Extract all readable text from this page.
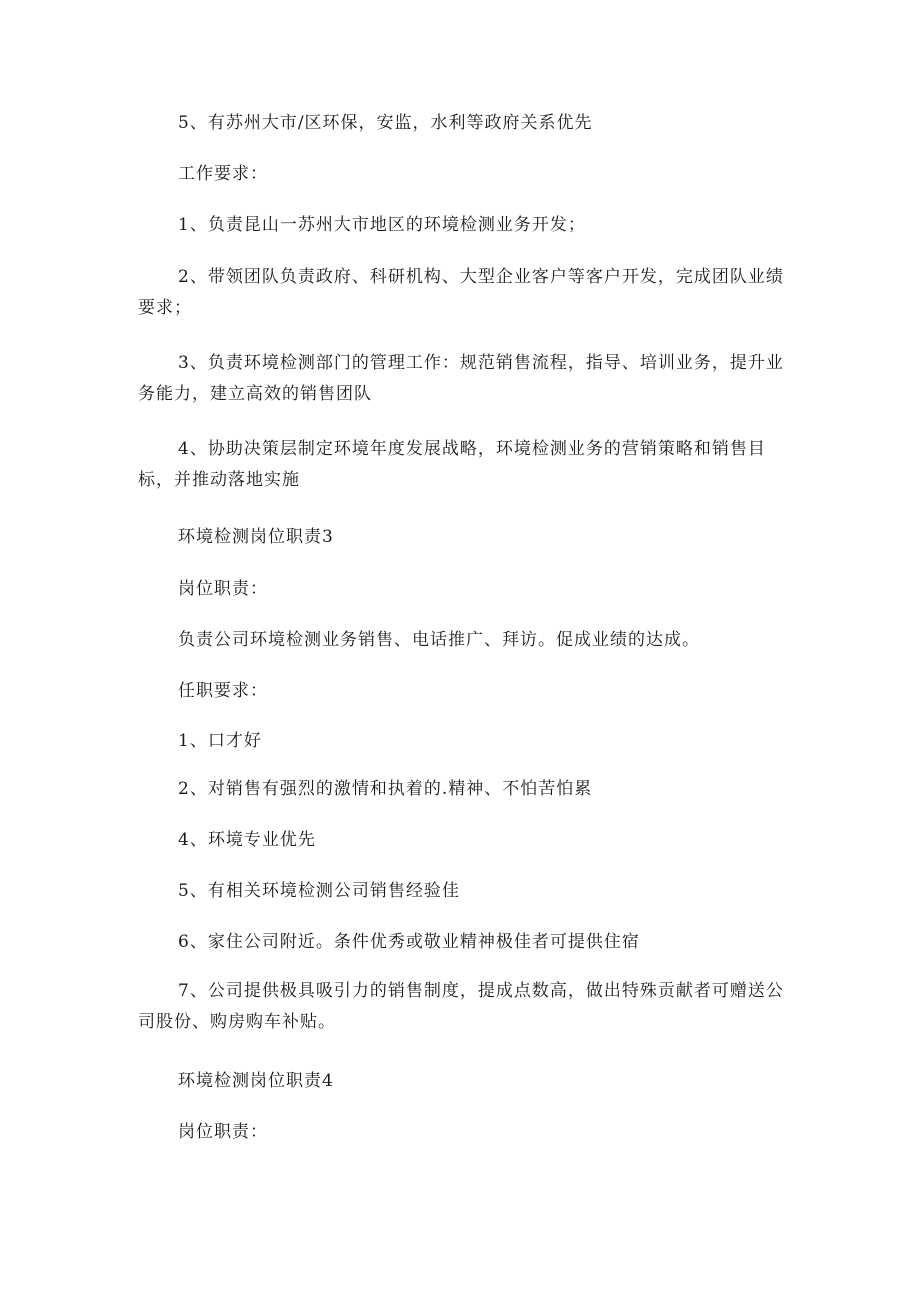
5、有苏州大市/区环保，安监，水利等政府关系优先

工作要求：

1、负责昆山一苏州大市地区的环境检测业务开发；

2、带领团队负责政府、科研机构、大型企业客户等客户开发，完成团队业绩要求；

3、负责环境检测部门的管理工作：规范销售流程，指导、培训业务，提升业务能力，建立高效的销售团队

4、协助决策层制定环境年度发展战略，环境检测业务的营销策略和销售目标，并推动落地实施

环境检测岗位职责3

岗位职责：

负责公司环境检测业务销售、电话推广、拜访。促成业绩的达成。

任职要求：

1、口才好

2、对销售有强烈的激情和执着的.精神、不怕苦怕累

4、环境专业优先

5、有相关环境检测公司销售经验佳

6、家住公司附近。条件优秀或敬业精神极佳者可提供住宿

7、公司提供极具吸引力的销售制度，提成点数高，做出特殊贡献者可赠送公司股份、购房购车补贴。

环境检测岗位职责4

岗位职责：
